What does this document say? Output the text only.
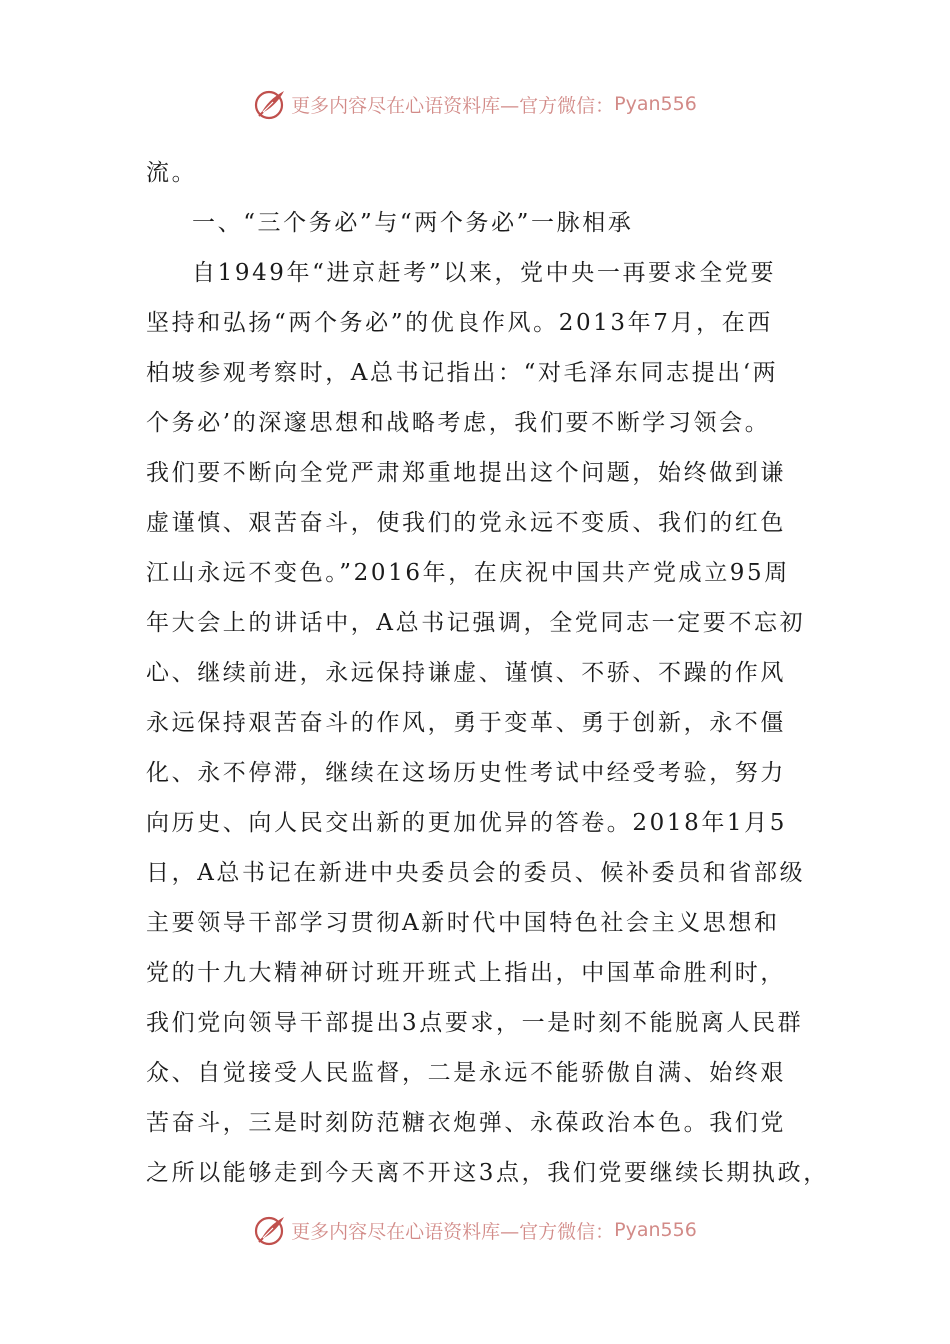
更多内容尽在心语资料库—官方微信： Pyan556
流。
一、“三个务必”与“两个务必”一脉相承
自1949年“进京赶考”以来，党中央一再要求全党要
坚持和弘扬“两个务必”的优良作风。2013年7月，在西
柏坡参观考察时，A总书记指出：“对毛泽东同志提出‘两
个务必’的深邃思想和战略考虑，我们要不断学习领会。
我们要不断向全党严肃郑重地提出这个问题，始终做到谦
虚谨慎、艰苦奋斗，使我们的党永远不变质、我们的红色
江山永远不变色。”2016年，在庆祝中国共产党成立95周
年大会上的讲话中，A总书记强调，全党同志一定要不忘初
心、继续前进，永远保持谦虚、谨慎、不骄、不躁的作风
永远保持艰苦奋斗的作风，勇于变革、勇于创新，永不僵
化、永不停滞，继续在这场历史性考试中经受考验，努力
向历史、向人民交出新的更加优异的答卷。2018年1月5
日，A总书记在新进中央委员会的委员、候补委员和省部级
主要领导干部学习贯彻A新时代中国特色社会主义思想和
党的十九大精神研讨班开班式上指出，中国革命胜利时，
我们党向领导干部提出3点要求，一是时刻不能脱离人民群
众、自觉接受人民监督，二是永远不能骄傲自满、始终艰
苦奋斗，三是时刻防范糖衣炮弹、永葆政治本色。我们党
之所以能够走到今天离不开这3点，我们党要继续长期执政，
更多内容尽在心语资料库—官方微信： Pyan556
